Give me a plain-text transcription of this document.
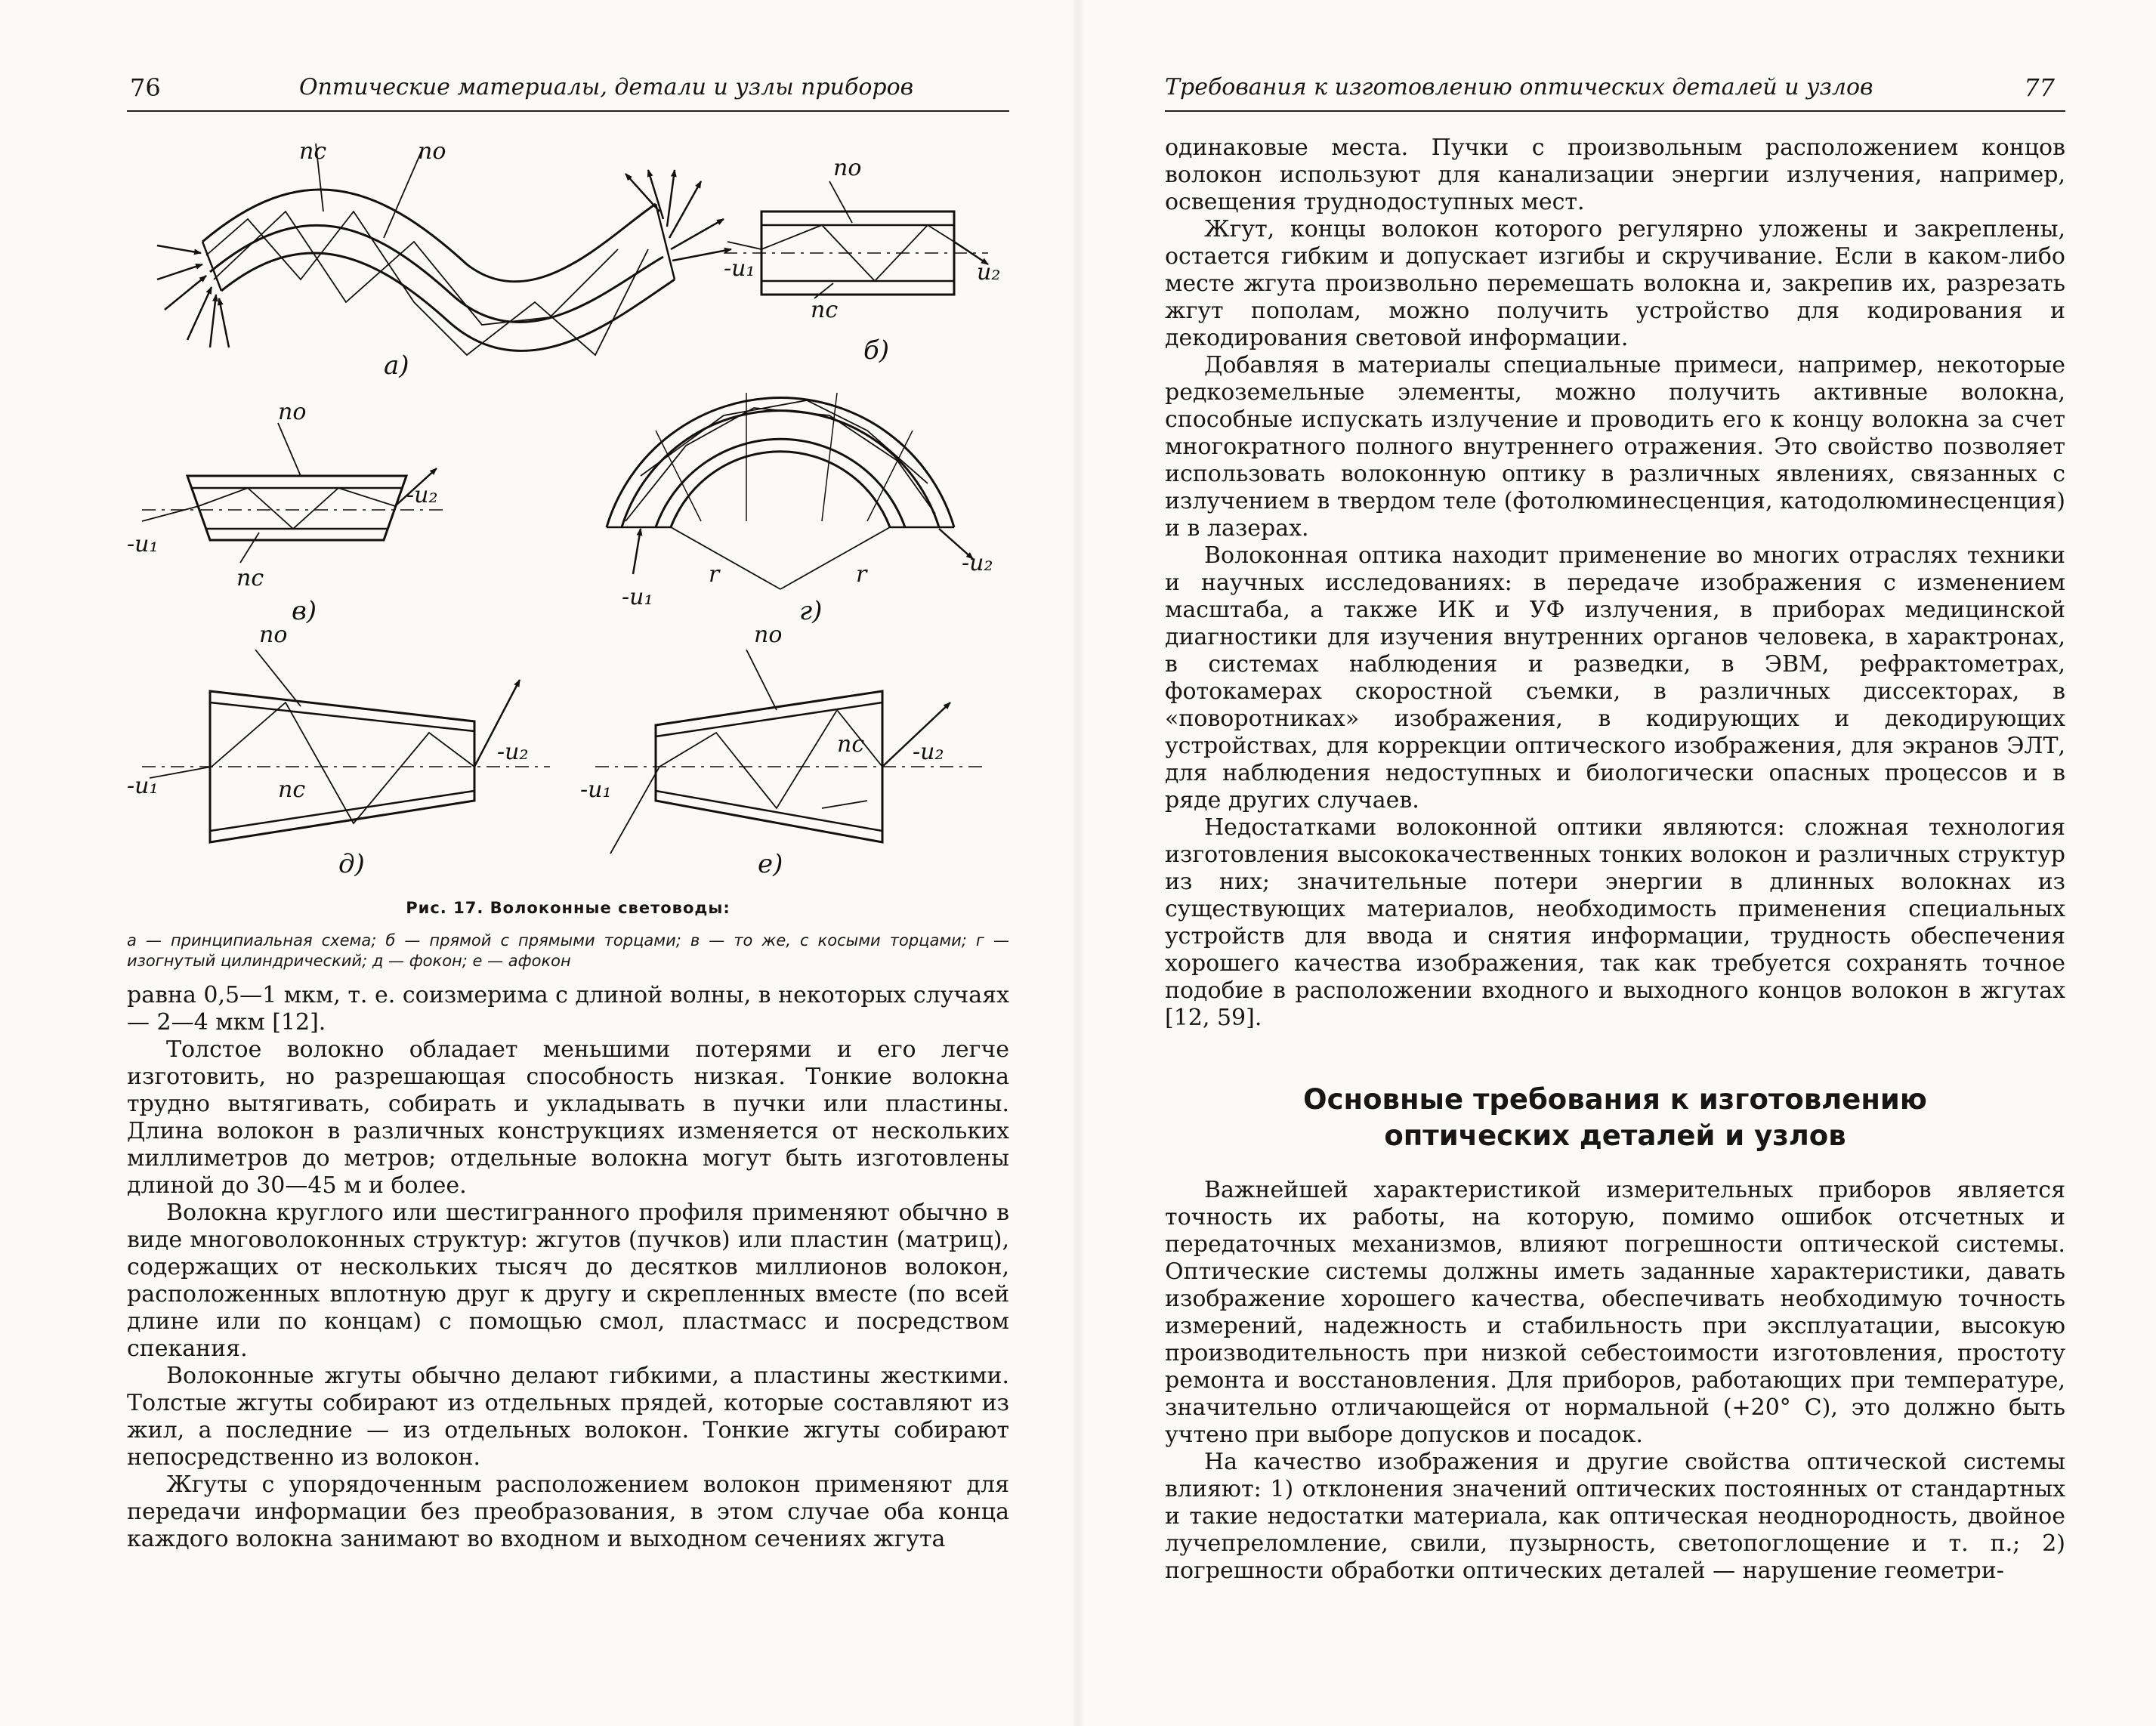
76	Оптические материалы, детали и узлы приборов
пс	по
по
пс
-u₁	u₂
по
пс
-u₁
-u₂
r	r
-u₁
-u₂
по
пс
-u₁
-u₂
по
пс
-u₁
-u₂
а)	б)
в)	г)
д)	е)
Рис. 17. Волоконные световоды:
а — принципиальная схема; б — прямой с прямыми торцами; в — то же, с косыми торцами; г — изогнутый цилиндрический; д — фокон; е — афокон

равна 0,5—1 мкм, т. е. соизмерима с длиной волны, в некоторых случаях — 2—4 мкм [12].

Толстое волокно обладает меньшими потерями и его легче изготовить, но разрешающая способность низкая. Тонкие волокна трудно вытягивать, собирать и укладывать в пучки или пластины. Длина волокон в различных конструкциях изменяется от нескольких миллиметров до метров; отдельные волокна могут быть изготовлены длиной до 30—45 м и более.

Волокна круглого или шестигранного профиля применяют обычно в виде многоволоконных структур: жгутов (пучков) или пластин (матриц), содержащих от нескольких тысяч до десятков миллионов волокон, расположенных вплотную друг к другу и скрепленных вместе (по всей длине или по концам) с помощью смол, пластмасс и посредством спекания.

Волоконные жгуты обычно делают гибкими, а пластины жесткими. Толстые жгуты собирают из отдельных прядей, которые составляют из жил, а последние — из отдельных волокон. Тонкие жгуты собирают непосредственно из волокон.

Жгуты с упорядоченным расположением волокон применяют для передачи информации без преобразования, в этом случае оба конца каждого волокна занимают во входном и выходном сечениях жгута

Требования к изготовлению оптических деталей и узлов	77

одинаковые места. Пучки с произвольным расположением концов волокон используют для канализации энергии излучения, например, освещения труднодоступных мест.

Жгут, концы волокон которого регулярно уложены и закреплены, остается гибким и допускает изгибы и скручивание. Если в каком-либо месте жгута произвольно перемешать волокна и, закрепив их, разрезать жгут пополам, можно получить устройство для кодирования и декодирования световой информации.

Добавляя в материалы специальные примеси, например, некоторые редкоземельные элементы, можно получить активные волокна, способные испускать излучение и проводить его к концу волокна за счет многократного полного внутреннего отражения. Это свойство позволяет использовать волоконную оптику в различных явлениях, связанных с излучением в твердом теле (фотолюминесценция, катодолюминесценция) и в лазерах.

Волоконная оптика находит применение во многих отраслях техники и научных исследованиях: в передаче изображения с изменением масштаба, а также ИК и УФ излучения, в приборах медицинской диагностики для изучения внутренних органов человека, в характронах, в системах наблюдения и разведки, в ЭВМ, рефрактометрах, фотокамерах скоростной съемки, в различных диссекторах, в «поворотниках» изображения, в кодирующих и декодирующих устройствах, для коррекции оптического изображения, для экранов ЭЛТ, для наблюдения недоступных и биологически опасных процессов и в ряде других случаев.

Недостатками волоконной оптики являются: сложная технология изготовления высококачественных тонких волокон и различных структур из них; значительные потери энергии в длинных волокнах из существующих материалов, необходимость применения специальных устройств для ввода и снятия информации, трудность обеспечения хорошего качества изображения, так как требуется сохранять точное подобие в расположении входного и выходного концов волокон в жгутах [12, 59].

Основные требования к изготовлению
оптических деталей и узлов

Важнейшей характеристикой измерительных приборов является точность их работы, на которую, помимо ошибок отсчетных и передаточных механизмов, влияют погрешности оптической системы. Оптические системы должны иметь заданные характеристики, давать изображение хорошего качества, обеспечивать необходимую точность измерений, надежность и стабильность при эксплуатации, высокую производительность при низкой себестоимости изготовления, простоту ремонта и восстановления. Для приборов, работающих при температуре, значительно отличающейся от нормальной (+20° С), это должно быть учтено при выборе допусков и посадок.

На качество изображения и другие свойства оптической системы влияют: 1) отклонения значений оптических постоянных от стандартных и такие недостатки материала, как оптическая неоднородность, двойное лучепреломление, свили, пузырность, светопоглощение и т. п.; 2) погрешности обработки оптических деталей — нарушение геометри-
